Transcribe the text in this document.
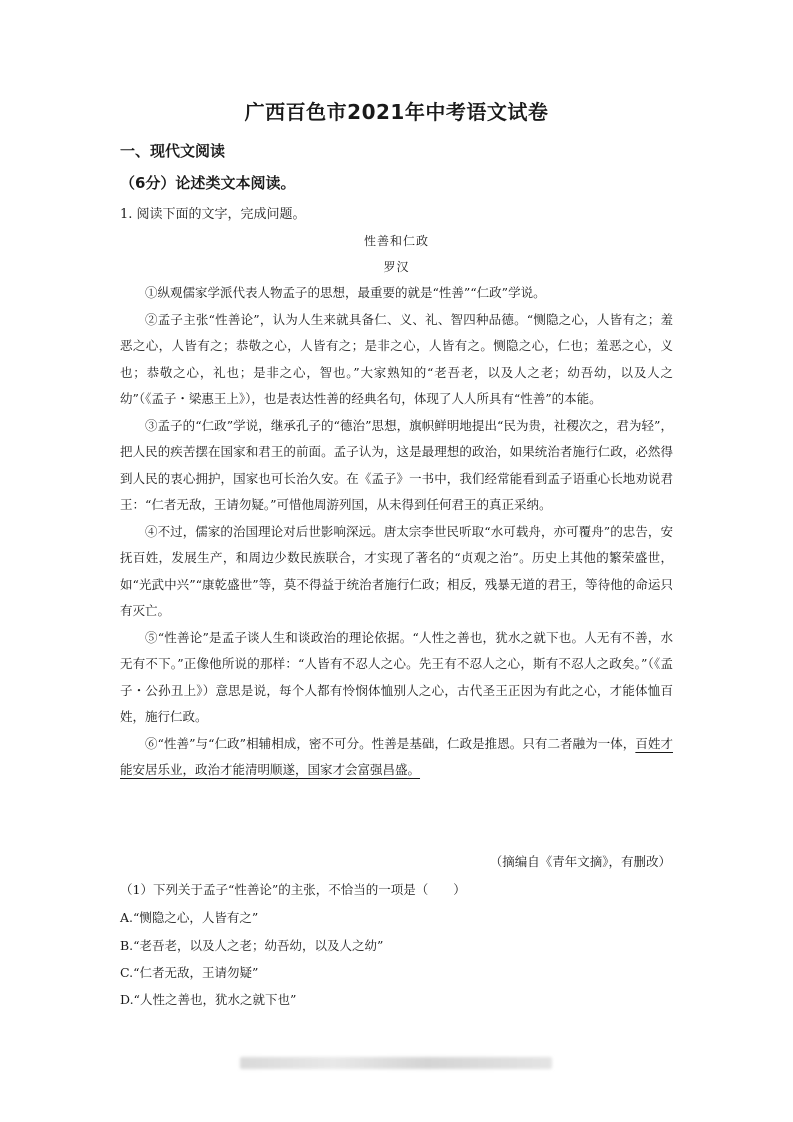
广西百色市2021年中考语文试卷
一、现代文阅读
（6分）论述类文本阅读。
1. 阅读下面的文字，完成问题。
性善和仁政
罗汉

①纵观儒家学派代表人物孟子的思想，最重要的就是“性善”“仁政”学说。

②孟子主张“性善论”，认为人生来就具备仁、义、礼、智四种品德。“恻隐之心，人皆有之；羞恶之心，人皆有之；恭敬之心，人皆有之；是非之心，人皆有之。恻隐之心，仁也；羞恶之心，义也；恭敬之心，礼也；是非之心，智也。”大家熟知的“老吾老，以及人之老；幼吾幼，以及人之幼”（《孟子・梁惠王上》），也是表达性善的经典名句，体现了人人所具有“性善”的本能。

③孟子的“仁政”学说，继承孔子的“德治”思想，旗帜鲜明地提出“民为贵，社稷次之，君为轻”，把人民的疾苦摆在国家和君王的前面。孟子认为，这是最理想的政治，如果统治者施行仁政，必然得到人民的衷心拥护，国家也可长治久安。在《孟子》一书中，我们经常能看到孟子语重心长地劝说君王：“仁者无敌，王请勿疑。”可惜他周游列国，从未得到任何君王的真正采纳。

④不过，儒家的治国理论对后世影响深远。唐太宗李世民听取“水可载舟，亦可覆舟”的忠告，安抚百姓，发展生产，和周边少数民族联合，才实现了著名的“贞观之治”。历史上其他的繁荣盛世，如“光武中兴”“康乾盛世”等，莫不得益于统治者施行仁政；相反，残暴无道的君王，等待他的命运只有灭亡。

⑤“性善论”是孟子谈人生和谈政治的理论依据。“人性之善也，犹水之就下也。人无有不善，水无有不下。”正像他所说的那样：“人皆有不忍人之心。先王有不忍人之心，斯有不忍人之政矣。”（《孟子・公孙丑上》）意思是说，每个人都有怜悯体恤别人之心，古代圣王正因为有此之心，才能体恤百姓，施行仁政。

⑥“性善”与“仁政”相辅相成，密不可分。性善是基础，仁政是推恩。只有二者融为一体，百姓才能安居乐业，政治才能清明顺遂，国家才会富强昌盛。

（摘编自《青年文摘》，有删改）
（1）下列关于孟子“性善论”的主张，不恰当的一项是（　　）
A.“恻隐之心，人皆有之”
B.“老吾老，以及人之老；幼吾幼，以及人之幼”
C.“仁者无敌，王请勿疑”
D.“人性之善也，犹水之就下也”
